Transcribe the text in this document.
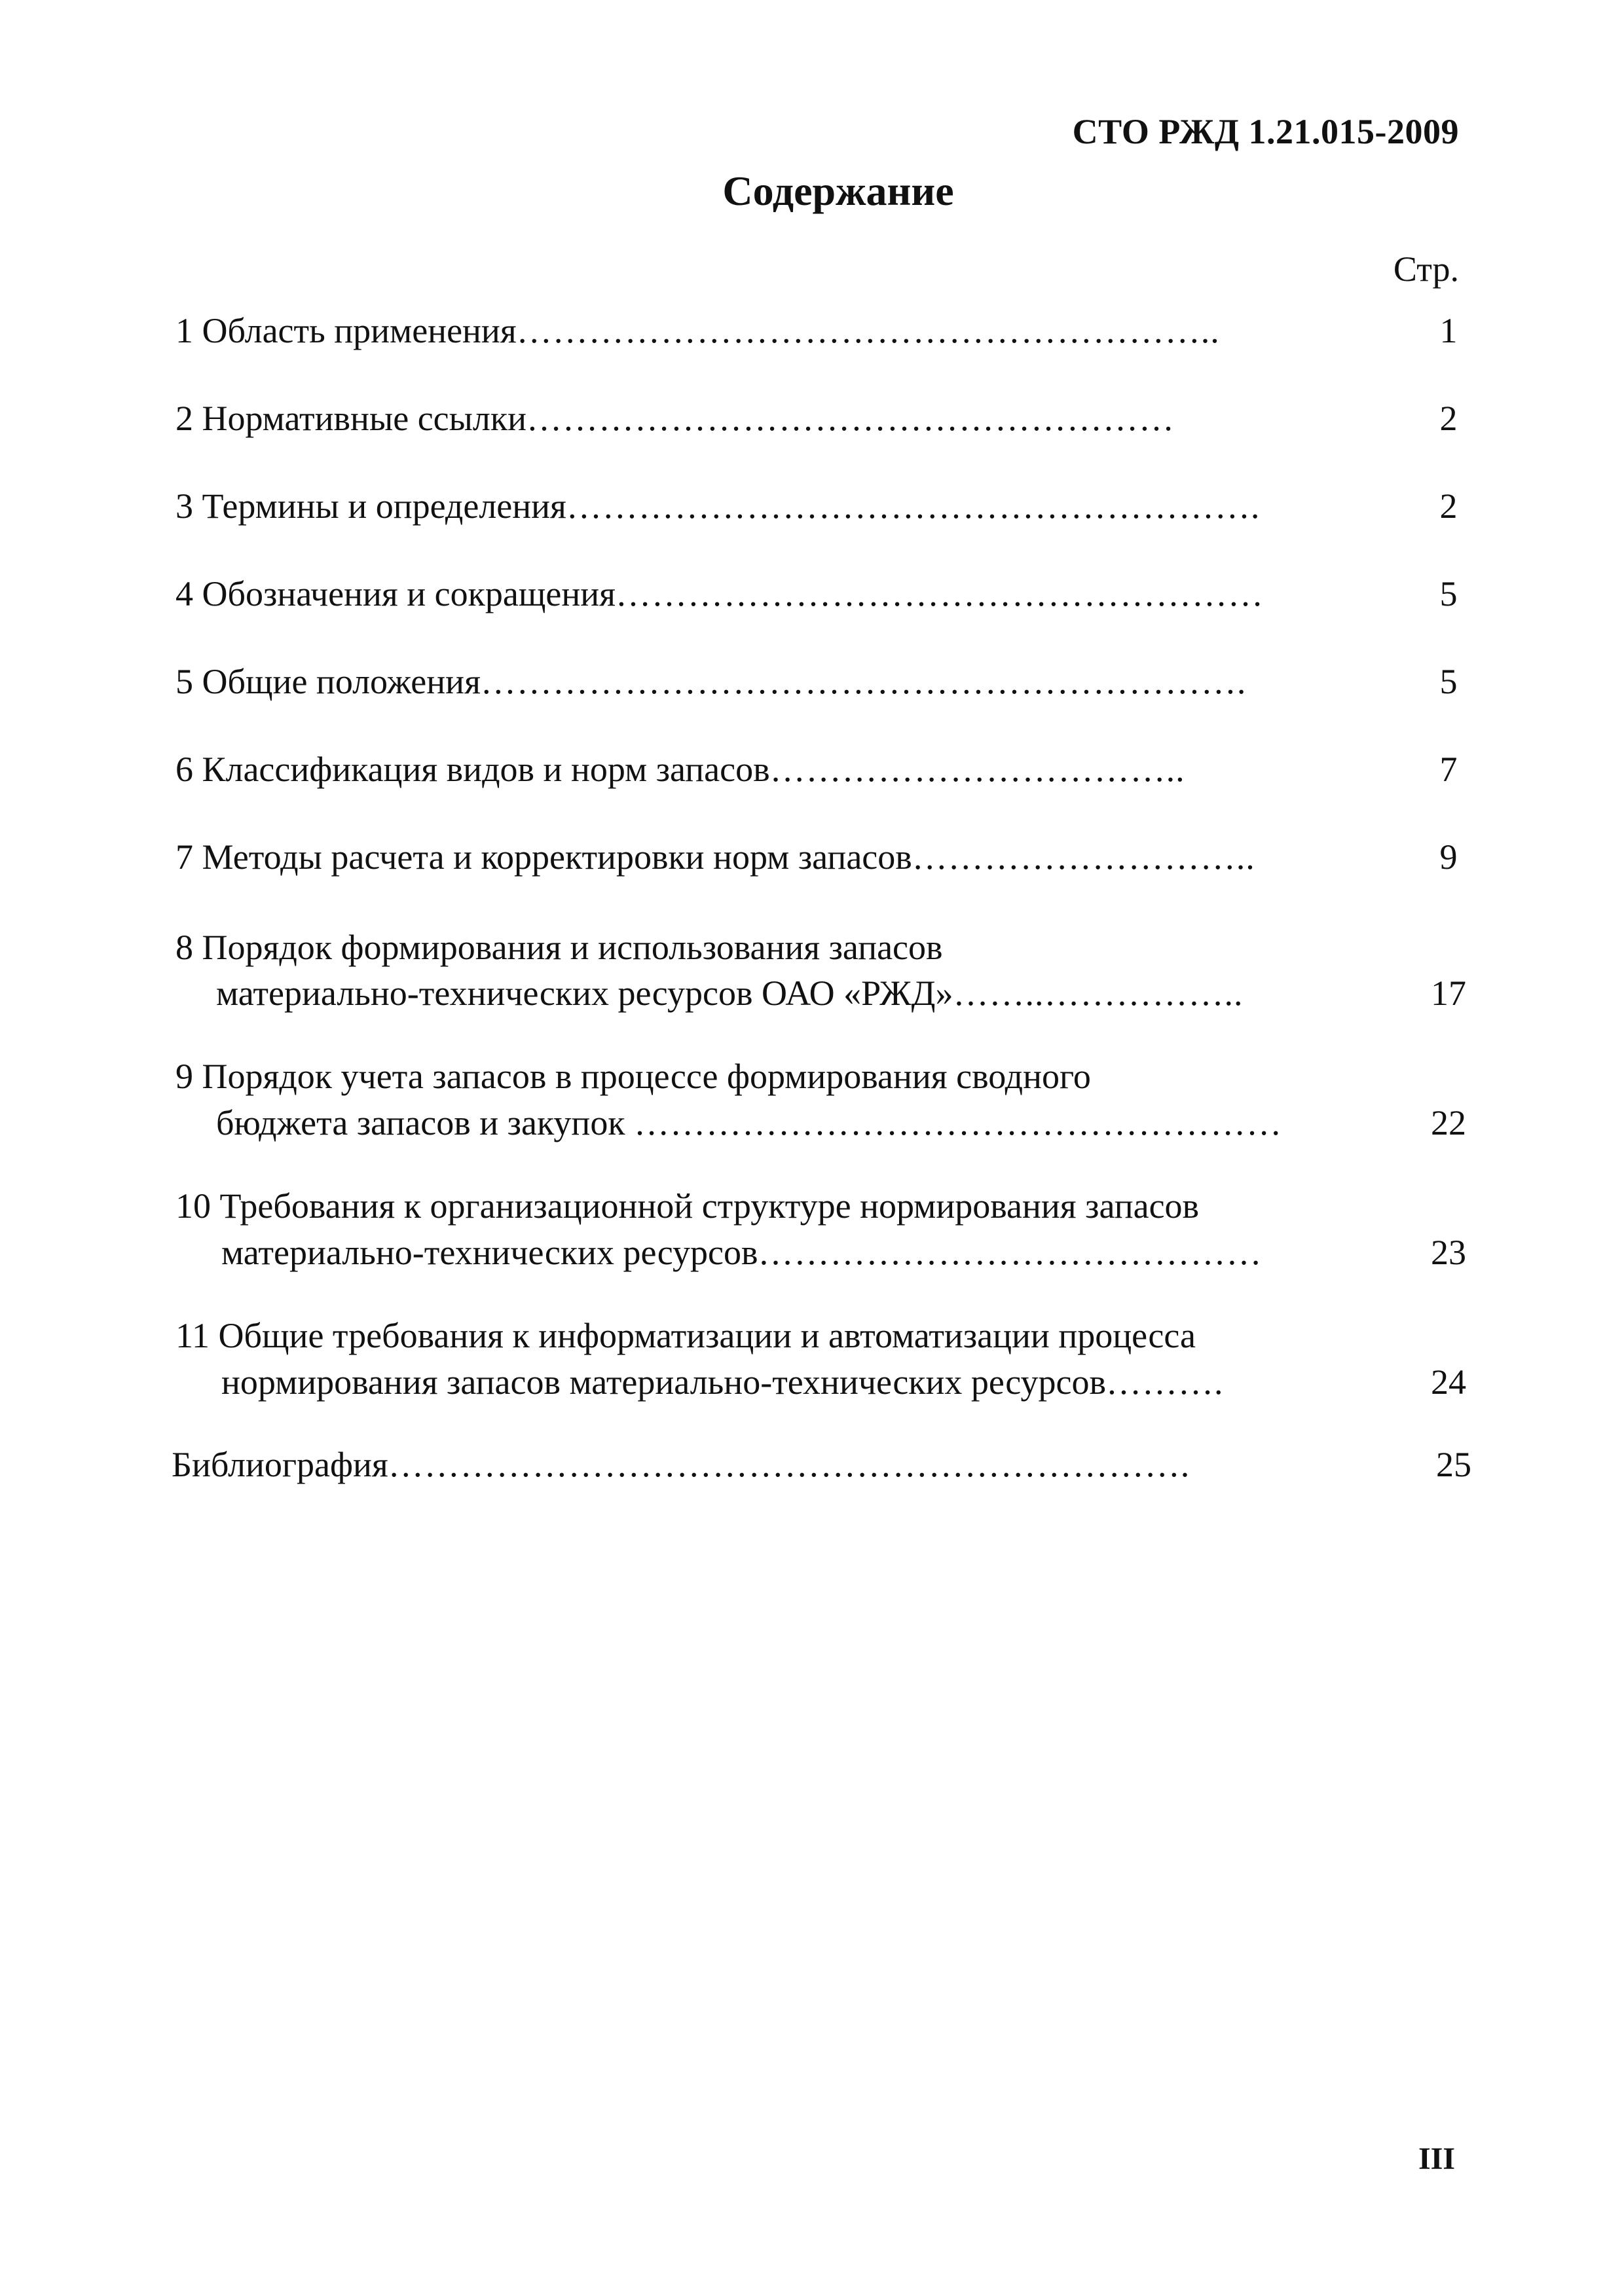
СТО РЖД 1.21.015-2009
Содержание
Стр.
1 Область применения…………………………………………………..	1
2 Нормативные ссылки………………………………………………	2
3 Термины и определения………………………………………………….	2
4 Обозначения и сокращения………………………………………………	5
5 Общие положения……………………………………………………….	5
6 Классификация видов и норм запасов……………………………..	7
7 Методы расчета и корректировки норм запасов………………………..	9
8 Порядок формирования и использования запасов
материально-технических ресурсов ОАО «РЖД»……..……………..	17
9 Порядок учета запасов в процессе формирования сводного
бюджета запасов и закупок ………………………………………………	22
10 Требования к организационной структуре нормирования запасов
материально-технических ресурсов……………………………………	23
11 Общие требования к информатизации и автоматизации процесса
нормирования запасов материально-технических ресурсов……….	24
Библиография………………………………………………………….	25
III
